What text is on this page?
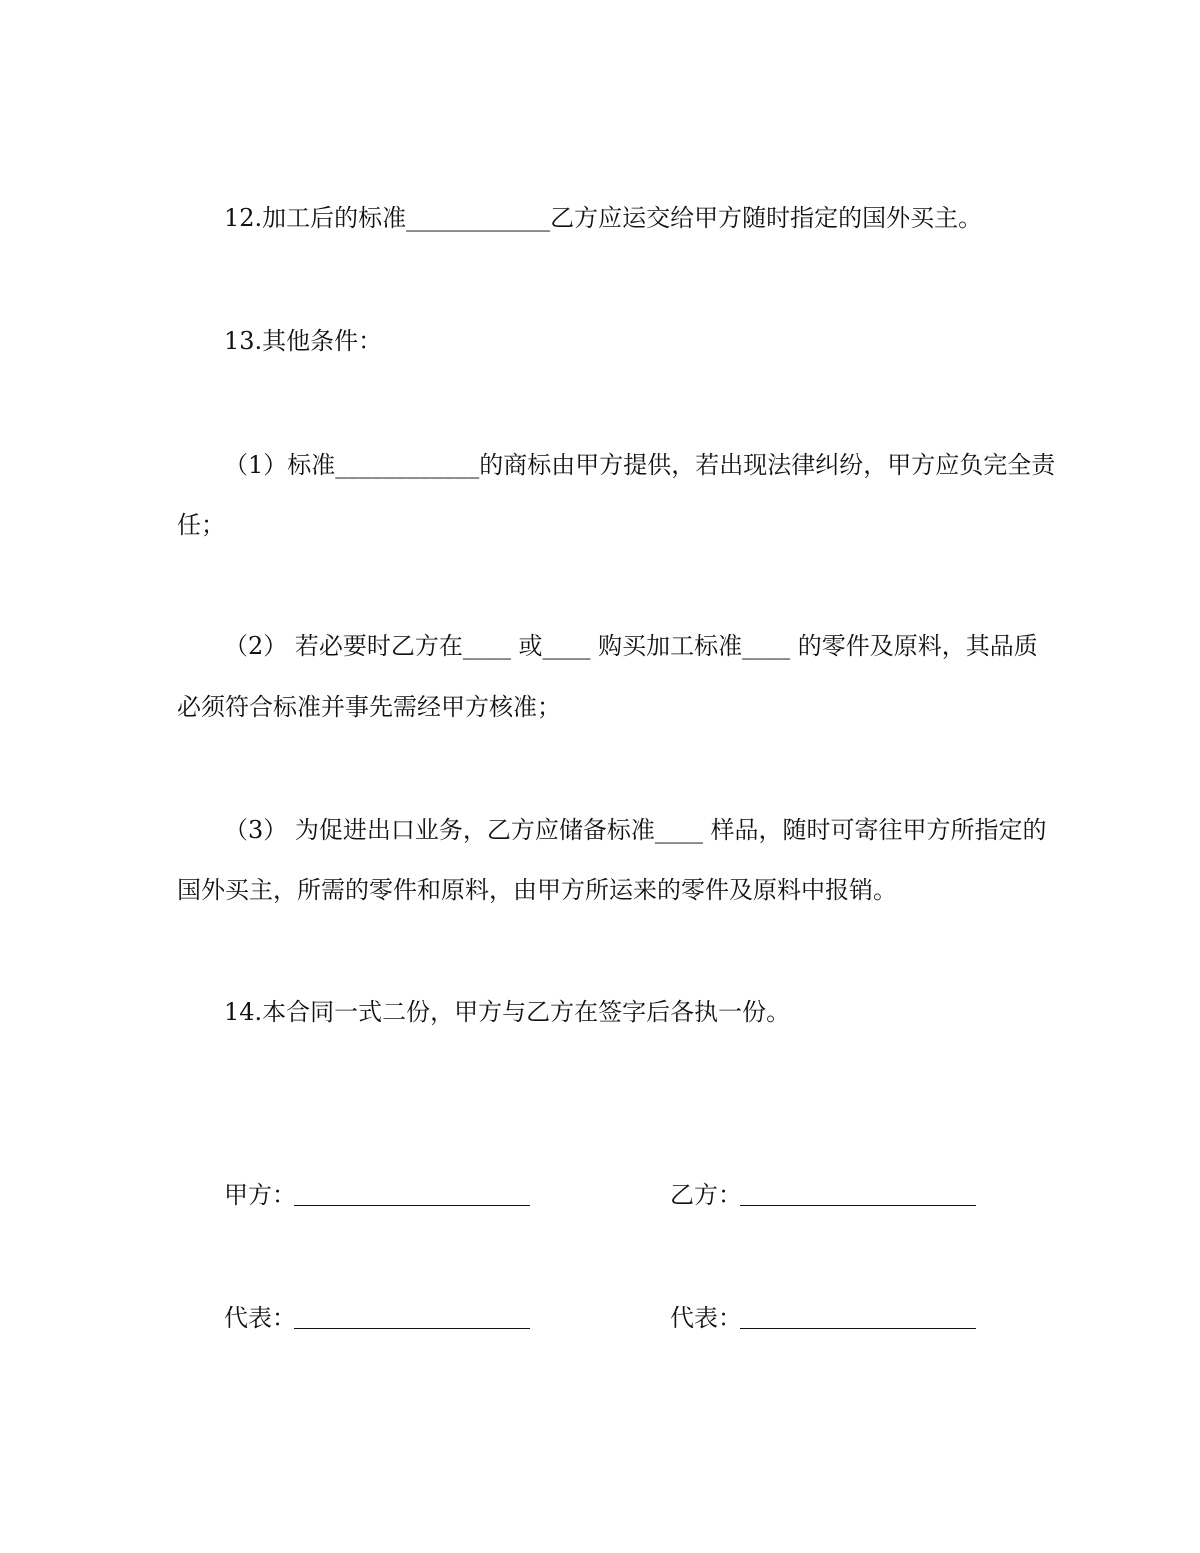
12.加工后的标准____________乙方应运交给甲方随时指定的国外买主。

13.其他条件：

（1）标准____________的商标由甲方提供，若出现法律纠纷，甲方应负完全责

任；

（2） 若必要时乙方在____ 或____ 购买加工标准____ 的零件及原料，其品质

必须符合标准并事先需经甲方核准；

（3） 为促进出口业务，乙方应储备标准____ 样品，随时可寄往甲方所指定的

国外买主，所需的零件和原料，由甲方所运来的零件及原料中报销。

14.本合同一式二份，甲方与乙方在签字后各执一份。

甲方：	乙方：
代表：	代表：
